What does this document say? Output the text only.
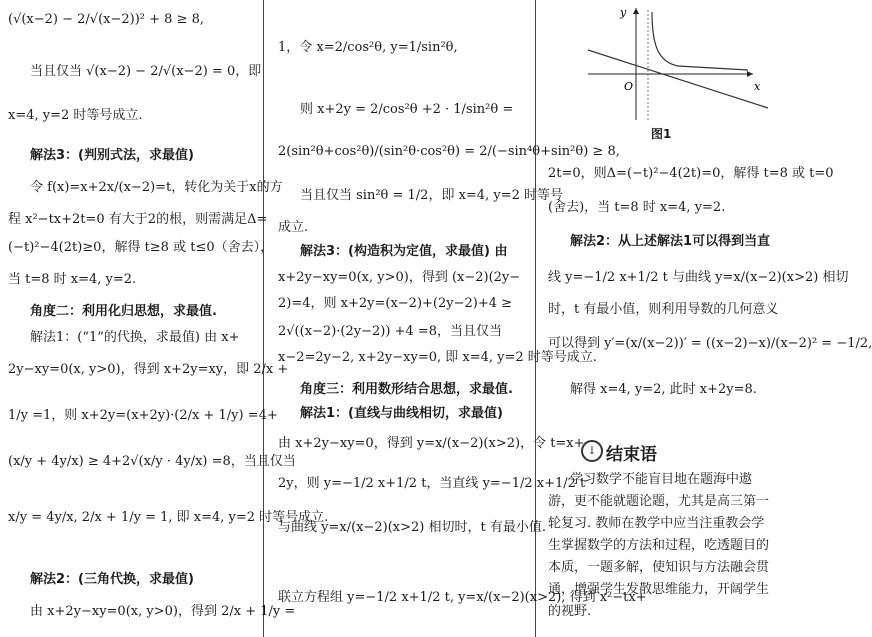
(√(x−2) − 2/√(x−2))² + 8 ≥ 8,
当且仅当 √(x−2) − 2/√(x−2) = 0，即
x=4, y=2 时等号成立.
解法3：(判别式法，求最值)
令 f(x)=x+2x/(x−2)=t，转化为关于x的方
程 x²−tx+2t=0 有大于2的根，则需满足Δ=
(−t)²−4(2t)≥0，解得 t≥8 或 t≤0（舍去），
当 t=8 时 x=4, y=2.
角度二：利用化归思想，求最值.
解法1：(“1”的代换，求最值) 由 x+
2y−xy=0(x, y>0)，得到 x+2y=xy，即 2/x +
1/y =1，则 x+2y=(x+2y)·(2/x + 1/y) =4+
(x/y + 4y/x) ≥ 4+2√(x/y · 4y/x) =8，当且仅当
x/y = 4y/x, 2/x + 1/y = 1, 即 x=4, y=2 时等号成立.
解法2：(三角代换，求最值)
由 x+2y−xy=0(x, y>0)，得到 2/x + 1/y =
1，令 x=2/cos²θ, y=1/sin²θ,
则 x+2y = 2/cos²θ +2 · 1/sin²θ =
2(sin²θ+cos²θ)/(sin²θ·cos²θ) = 2/(−sin⁴θ+sin²θ) ≥ 8,
当且仅当 sin²θ = 1/2，即 x=4, y=2 时等号
成立.
解法3：(构造积为定值，求最值) 由
x+2y−xy=0(x, y>0)，得到 (x−2)(2y−
2)=4，则 x+2y=(x−2)+(2y−2)+4 ≥
2√((x−2)·(2y−2)) +4 =8，当且仅当
x−2=2y−2, x+2y−xy=0, 即 x=4, y=2 时等号成立.
角度三：利用数形结合思想，求最值.
解法1：(直线与曲线相切，求最值)
由 x+2y−xy=0，得到 y=x/(x−2)(x>2)，令 t=x+
2y，则 y=−1/2 x+1/2 t，当直线 y=−1/2 x+1/2 t
与曲线 y=x/(x−2)(x>2) 相切时，t 有最小值.
联立方程组 y=−1/2 x+1/2 t, y=x/(x−2)(x>2), 得到 x²−tx+
y
x
O
图1
2t=0，则Δ=(−t)²−4(2t)=0，解得 t=8 或 t=0
(舍去)，当 t=8 时 x=4, y=2.
解法2：从上述解法1可以得到当直
线 y=−1/2 x+1/2 t 与曲线 y=x/(x−2)(x>2) 相切
时，t 有最小值，则利用导数的几何意义
可以得到 y′=(x/(x−2))′ = ((x−2)−x)/(x−2)² = −1/2,
解得 x=4, y=2, 此时 x+2y=8.
↓ 结束语
学习数学不能盲目地在题海中遨
游，更不能就题论题，尤其是高三第一
轮复习. 教师在教学中应当注重教会学
生掌握数学的方法和过程，吃透题目的
本质，一题多解，使知识与方法融会贯
通，增强学生发散思维能力，开阔学生
的视野.
